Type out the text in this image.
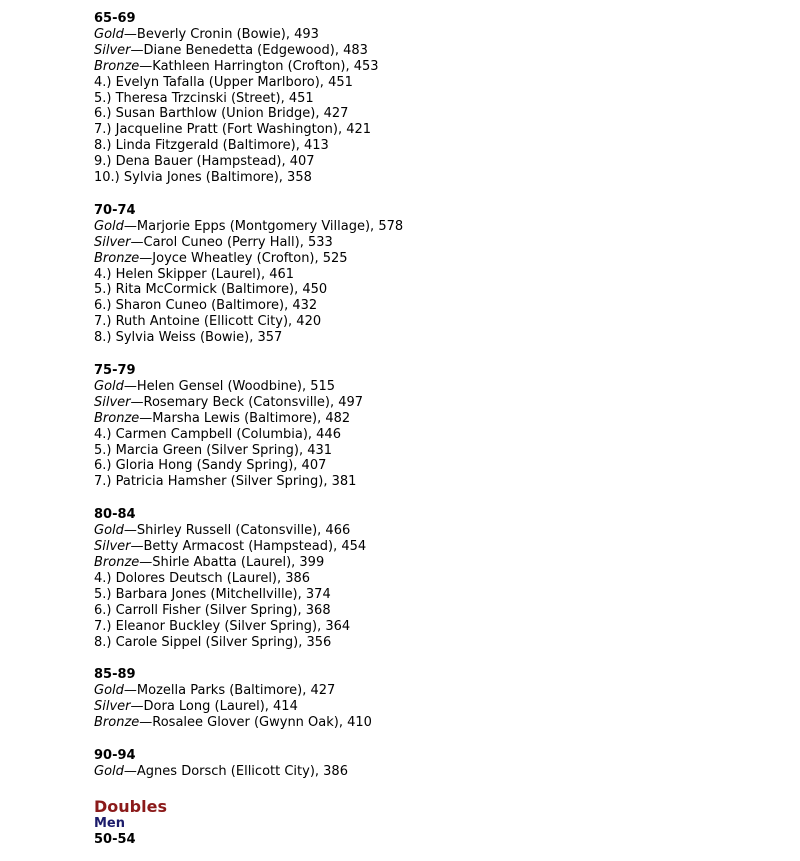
65-69
Gold—Beverly Cronin (Bowie), 493
Silver—Diane Benedetta (Edgewood), 483
Bronze—Kathleen Harrington (Crofton), 453
4.) Evelyn Tafalla (Upper Marlboro), 451
5.) Theresa Trzcinski (Street), 451
6.) Susan Barthlow (Union Bridge), 427
7.) Jacqueline Pratt (Fort Washington), 421
8.) Linda Fitzgerald (Baltimore), 413
9.) Dena Bauer (Hampstead), 407
10.) Sylvia Jones (Baltimore), 358
70-74
Gold—Marjorie Epps (Montgomery Village), 578
Silver—Carol Cuneo (Perry Hall), 533
Bronze—Joyce Wheatley (Crofton), 525
4.) Helen Skipper (Laurel), 461
5.) Rita McCormick (Baltimore), 450
6.) Sharon Cuneo (Baltimore), 432
7.) Ruth Antoine (Ellicott City), 420
8.) Sylvia Weiss (Bowie), 357
75-79
Gold—Helen Gensel (Woodbine), 515
Silver—Rosemary Beck (Catonsville), 497
Bronze—Marsha Lewis (Baltimore), 482
4.) Carmen Campbell (Columbia), 446
5.) Marcia Green (Silver Spring), 431
6.) Gloria Hong (Sandy Spring), 407
7.) Patricia Hamsher (Silver Spring), 381
80-84
Gold—Shirley Russell (Catonsville), 466
Silver—Betty Armacost (Hampstead), 454
Bronze—Shirle Abatta (Laurel), 399
4.) Dolores Deutsch (Laurel), 386
5.) Barbara Jones (Mitchellville), 374
6.) Carroll Fisher (Silver Spring), 368
7.) Eleanor Buckley (Silver Spring), 364
8.) Carole Sippel (Silver Spring), 356
85-89
Gold—Mozella Parks (Baltimore), 427
Silver—Dora Long (Laurel), 414
Bronze—Rosalee Glover (Gwynn Oak), 410
90-94
Gold—Agnes Dorsch (Ellicott City), 386
Doubles
Men
50-54
